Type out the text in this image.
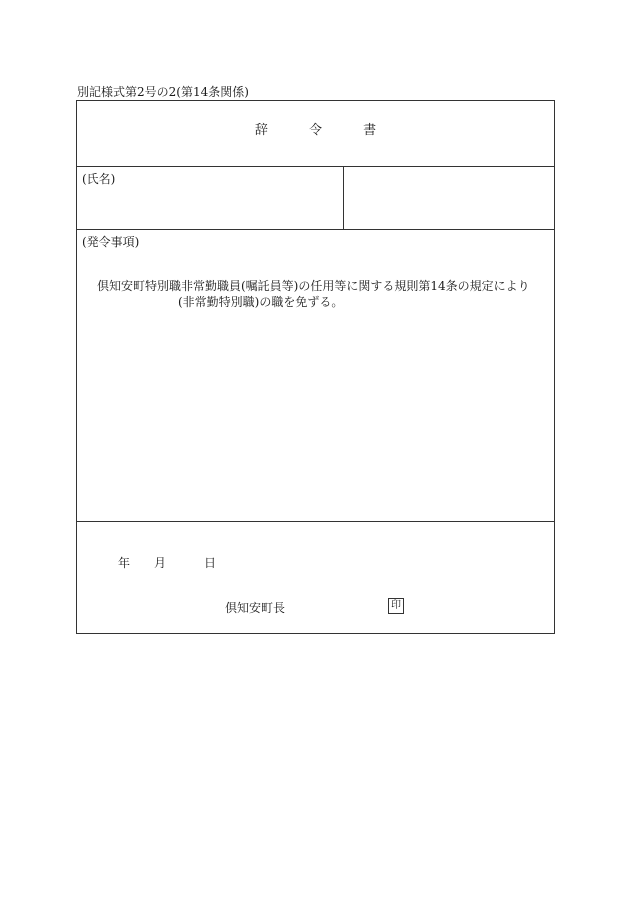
別記様式第2号の2(第14条関係)
辞	令	書
(氏名)
(発令事項)
倶知安町特別職非常勤職員(嘱託員等)の任用等に関する規則第14条の規定により
(非常勤特別職)の職を免ずる。
年 月	日
倶知安町長	印
